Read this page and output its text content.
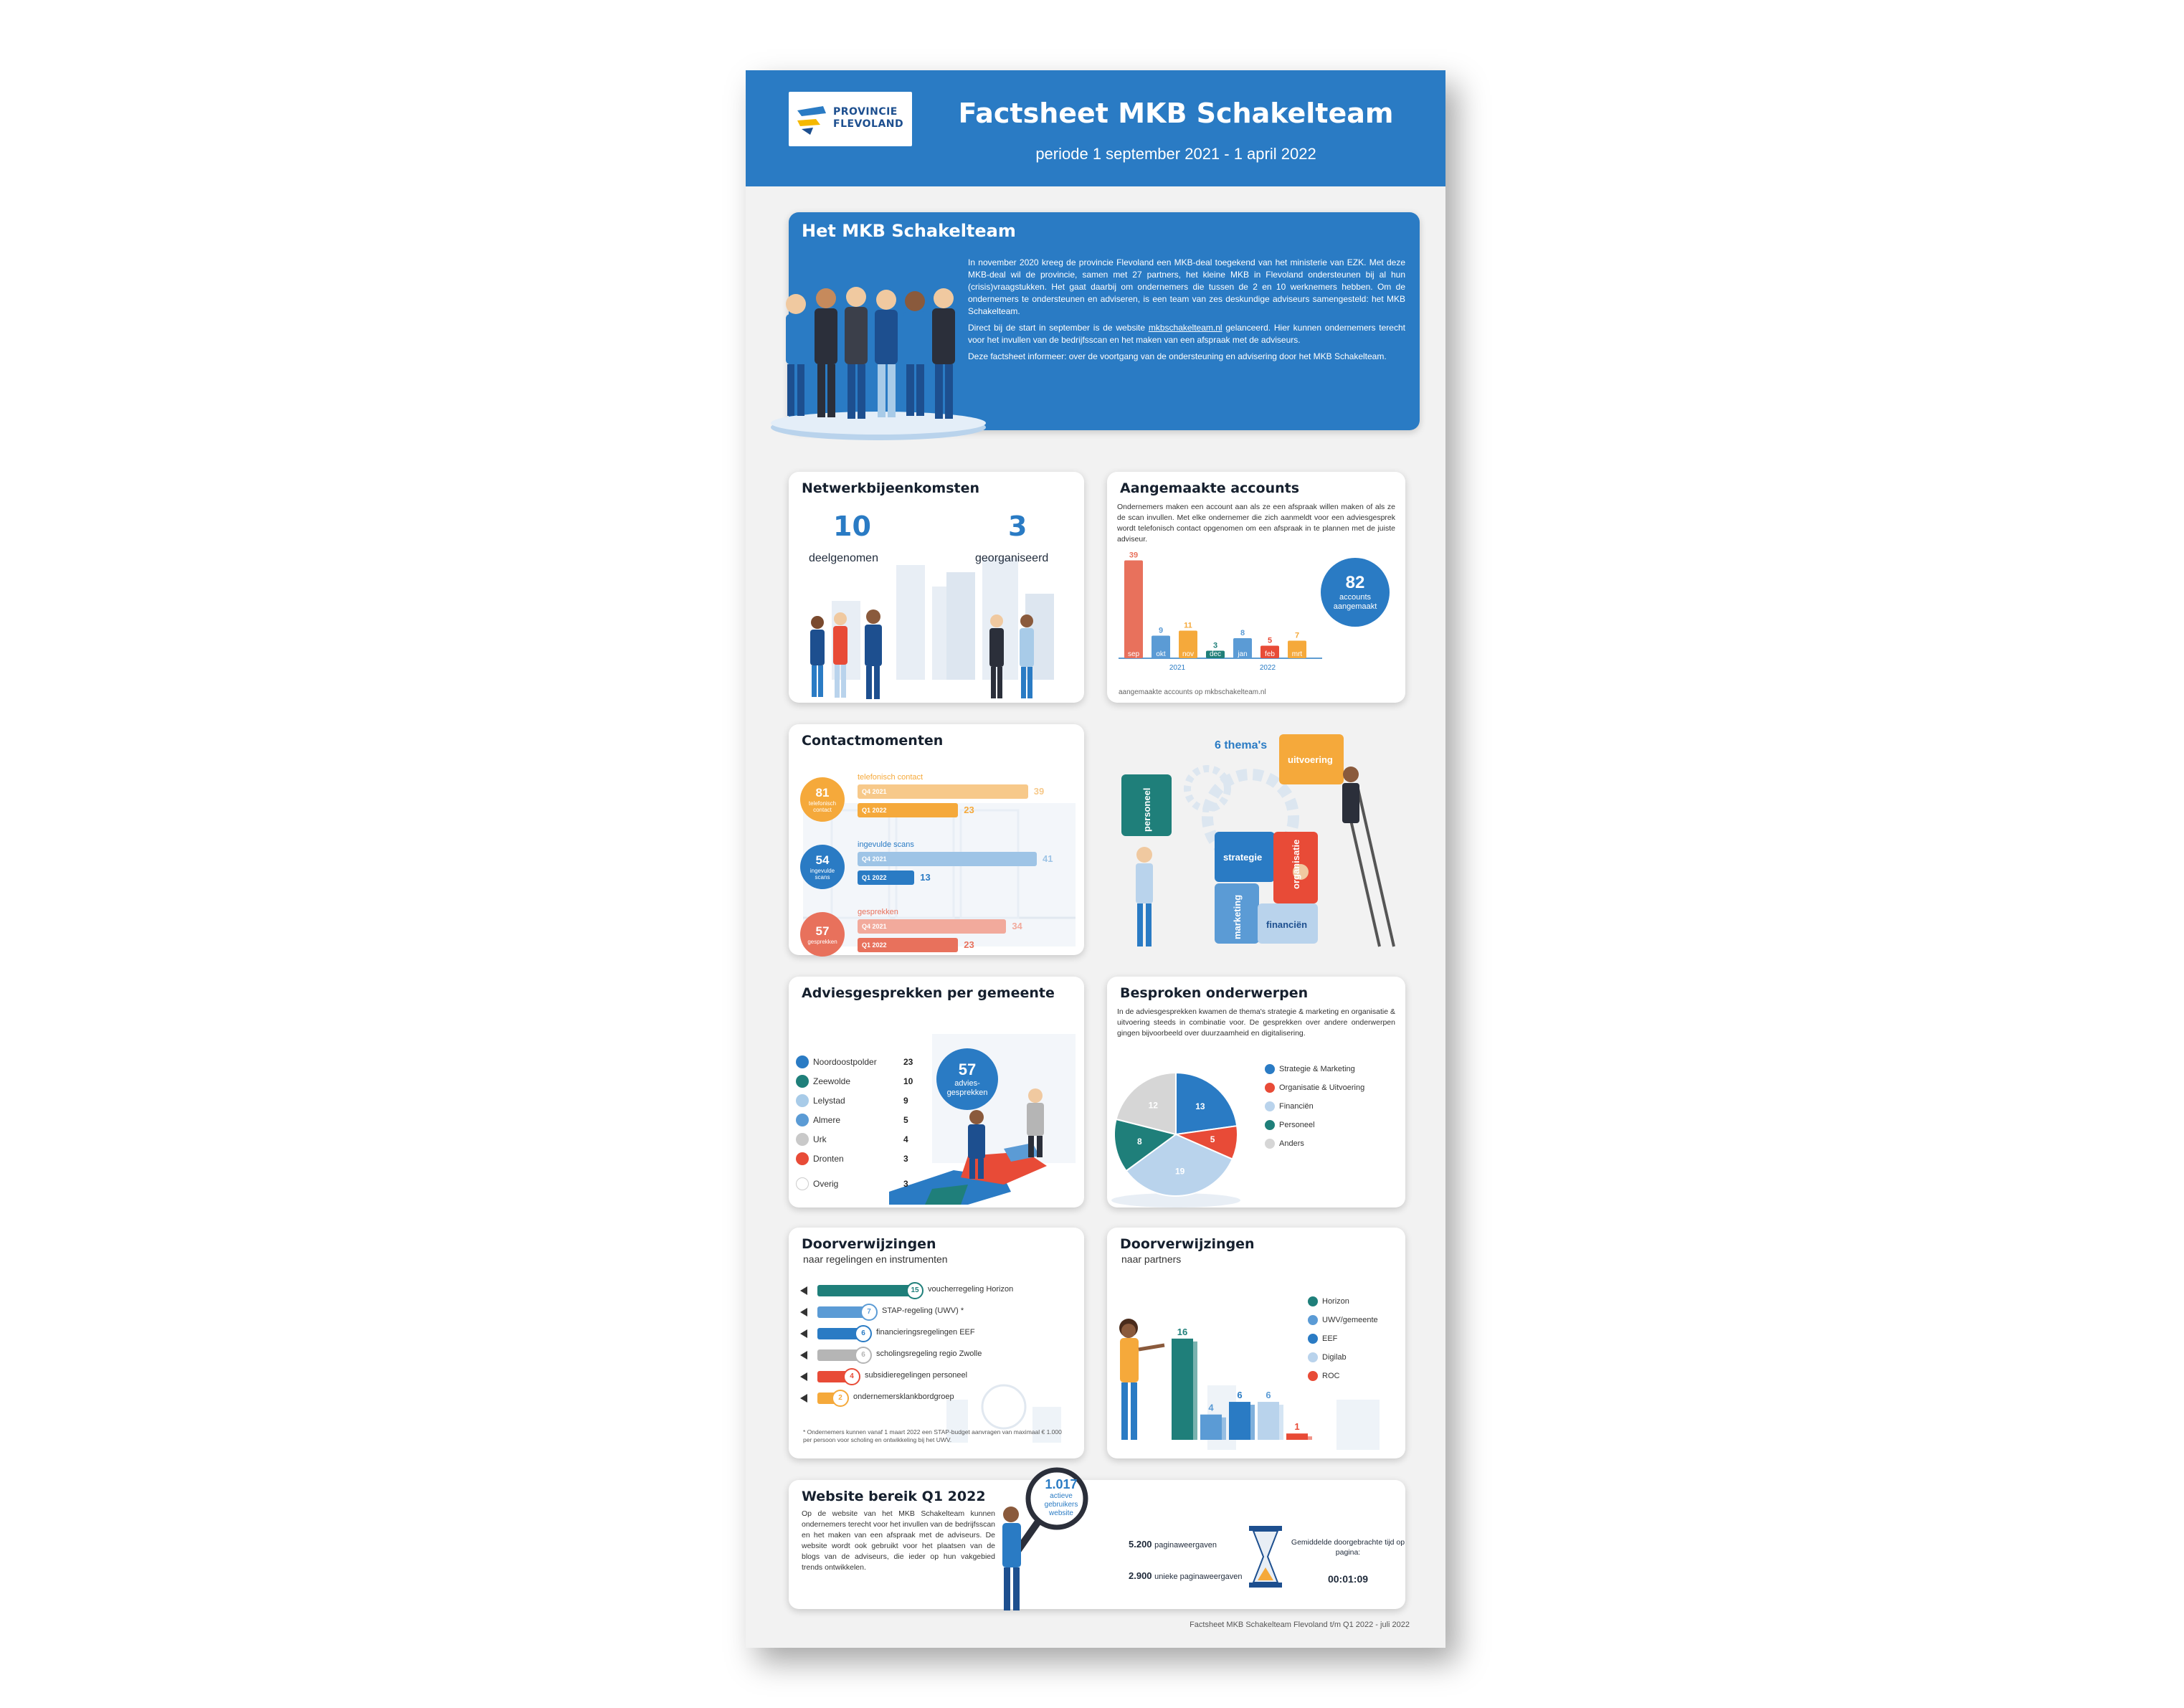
PROVINCIE
FLEVOLAND	Factsheet MKB Schakelteam
periode 1 september 2021 - 1 april 2022
Het MKB Schakelteam

In november 2020 kreeg de provincie Flevoland een MKB-deal toegekend van het ministerie van EZK. Met deze MKB-deal wil de provincie, samen met 27 partners, het kleine MKB in Flevoland ondersteunen bij al hun (crisis)vraagstukken. Het gaat daarbij om ondernemers die tussen de 2 en 10 werknemers hebben. Om de ondernemers te ondersteunen en adviseren, is een team van zes deskundige adviseurs samengesteld: het MKB Schakelteam.

Direct bij de start in september is de website mkbschakelteam.nl gelanceerd. Hier kunnen ondernemers terecht voor het invullen van de bedrijfsscan en het maken van een afspraak met de adviseurs.

Deze factsheet informeer: over de voortgang van de ondersteuning en advisering door het MKB Schakelteam.

Netwerkbijeenkomsten
10
deelgenomen
3
georganiseerd
Aangemaakte accounts
Ondernemers maken een account aan als ze een afspraak willen maken of als ze de scan invullen. Met elke ondernemer die zich aanmeldt voor een adviesgesprek wordt telefonisch contact opgenomen om een afspraak in te plannen met de juiste adviseur.
39
sep
9
okt
11
nov
3
dec
8
jan
5
feb
7
mrt
2021	2022
82
accounts aangemaakt
aangemaakte accounts op mkbschakelteam.nl
Contactmomenten
81
telefonisch contact
telefonisch contact
Q4 2021	39
Q1 2022	23
54
ingevulde scans
ingevulde scans
Q4 2021	41
Q1 2022	13
57
gesprekken
gesprekken
Q4 2021	34
Q1 2022	23
6 thema's
uitvoering
personeel
strategie	organisatie
marketing	financiën
Adviesgesprekken per gemeente
57
advies-gesprekken
Noordoostpolder	23
Zeewolde	10
Lelystad	9
Almere	5
Urk	4
Dronten	3
Overig	3
Besproken onderwerpen
In de adviesgesprekken kwamen de thema's strategie & marketing en organisatie & uitvoering steeds in combinatie voor. De gesprekken over andere onderwerpen gingen bijvoorbeeld over duurzaamheid en digitalisering.
13
5
19
8
12
Strategie & Marketing
Organisatie & Uitvoering
Financiën
Personeel
Anders
Doorverwijzingen
naar regelingen en instrumenten
15	voucherregeling Horizon
7	STAP-regeling (UWV) *
6	financieringsregelingen EEF
6	scholingsregeling regio Zwolle
4	subsidieregelingen personeel
2	ondernemersklankbordgroep
* Ondernemers kunnen vanaf 1 maart 2022 een STAP-budget aanvragen van maximaal € 1.000 per persoon voor scholing en ontwikkeling bij het UWV.
Doorverwijzingen
naar partners
16
4
6	6
1
Horizon
UWV/gemeente
EEF
Digilab
ROC
Website bereik Q1 2022
Op de website van het MKB Schakelteam kunnen ondernemers terecht voor het invullen van de bedrijfsscan en het maken van een afspraak met de adviseurs. De website wordt ook gebruikt voor het plaatsen van de blogs van de adviseurs, die ieder op hun vakgebied trends ontwikkelen.
1.017
actieve gebruikers website
5.200 paginaweergaven
2.900 unieke paginaweergaven
Gemiddelde doorgebrachte tijd op pagina:
00:01:09
Factsheet MKB Schakelteam Flevoland t/m Q1 2022 - juli 2022
